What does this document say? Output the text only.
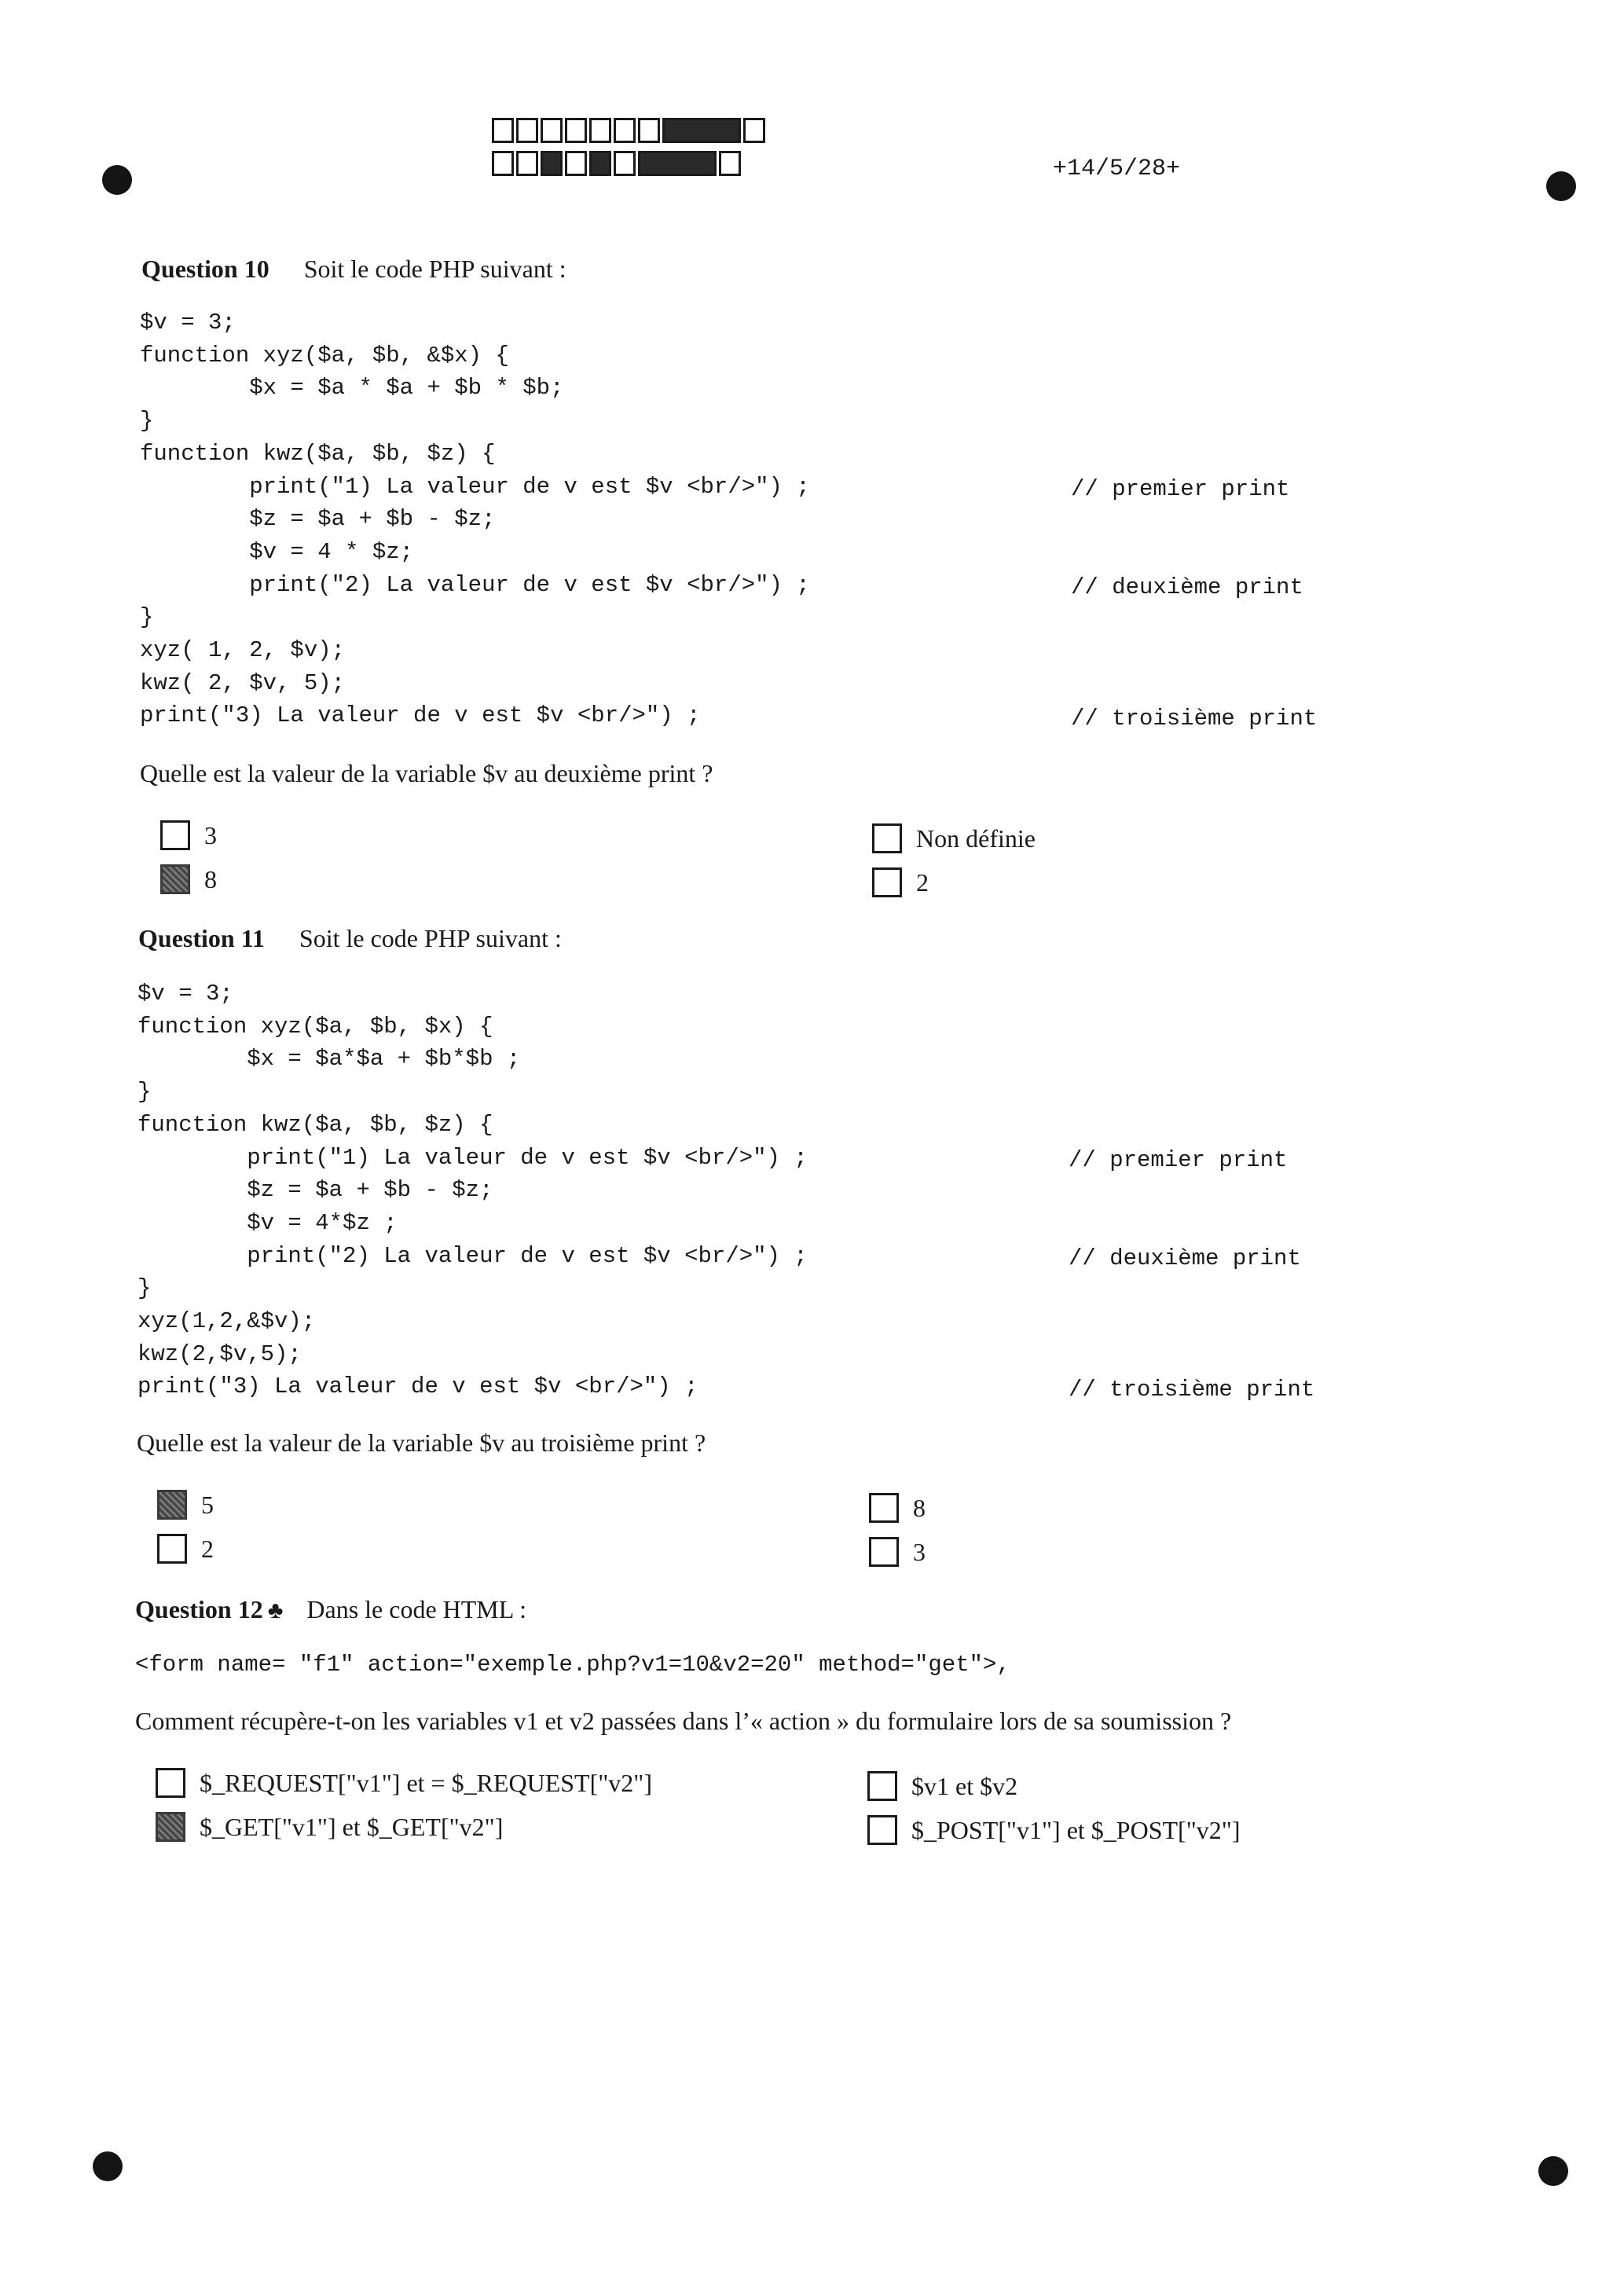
+14/5/28+
Question 10 Soit le code PHP suivant :
$v = 3;
function xyz($a, $b, &$x) {
$x = $a * $a + $b * $b;
}
function kwz($a, $b, $z) {
print("1) La valeur de v est $v <br/>") ;
$z = $a + $b - $z;
$v = 4 * $z;
print("2) La valeur de v est $v <br/>") ;
}
xyz( 1, 2, $v);
kwz( 2, $v, 5);
print("3) La valeur de v est $v <br/>") ;
// premier print
// deuxième print
// troisième print
Quelle est la valeur de la variable $v au deuxième print ?
3
8
Non définie
2
Question 11 Soit le code PHP suivant :
$v = 3;
function xyz($a, $b, $x) {
$x = $a*$a + $b*$b ;
}
function kwz($a, $b, $z) {
print("1) La valeur de v est $v <br/>") ;
$z = $a + $b - $z;
$v = 4*$z ;
print("2) La valeur de v est $v <br/>") ;
}
xyz(1,2,&$v);
kwz(2,$v,5);
print("3) La valeur de v est $v <br/>") ;
// premier print
// deuxième print
// troisième print
Quelle est la valeur de la variable $v au troisième print ?
5
2
8
3
Question 12 ♣ Dans le code HTML :
<form name= "f1" action="exemple.php?v1=10&v2=20" method="get">,
Comment récupère-t-on les variables v1 et v2 passées dans l’« action » du formulaire lors de sa soumission ?
$_REQUEST["v1"] et = $_REQUEST["v2"]
$_GET["v1"] et $_GET["v2"]
$v1 et $v2
$_POST["v1"] et $_POST["v2"]
